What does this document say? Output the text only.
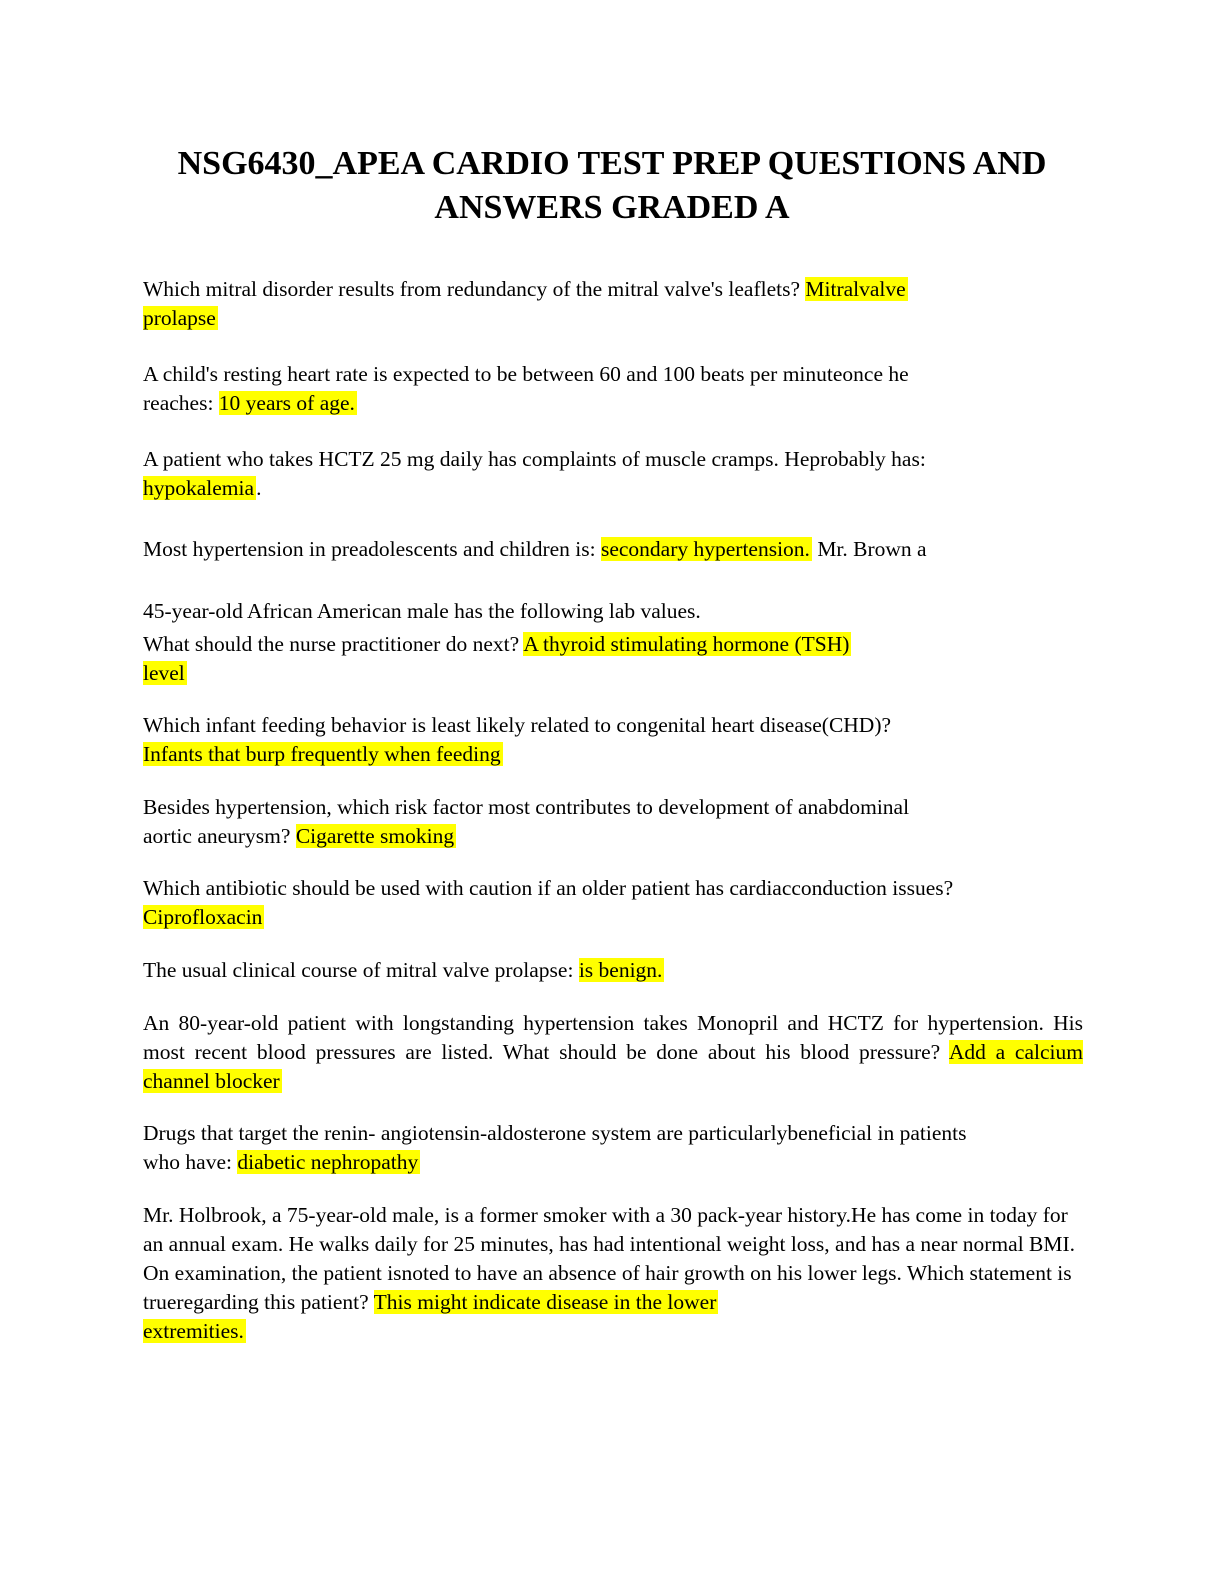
NSG6430_APEA CARDIO TEST PREP QUESTIONS AND
ANSWERS GRADED A

Which mitral disorder results from redundancy of the mitral valve's leaflets? Mitralvalve
prolapse

A child's resting heart rate is expected to be between 60 and 100 beats per minuteonce he
reaches: 10 years of age.

A patient who takes HCTZ 25 mg daily has complaints of muscle cramps. Heprobably has:
hypokalemia.

Most hypertension in preadolescents and children is: secondary hypertension. Mr. Brown a

45-year-old African American male has the following lab values.

What should the nurse practitioner do next? A thyroid stimulating hormone (TSH)
level

Which infant feeding behavior is least likely related to congenital heart disease(CHD)?
Infants that burp frequently when feeding

Besides hypertension, which risk factor most contributes to development of anabdominal
aortic aneurysm? Cigarette smoking

Which antibiotic should be used with caution if an older patient has cardiacconduction issues?
Ciprofloxacin

The usual clinical course of mitral valve prolapse: is benign.

An 80-year-old patient with longstanding hypertension takes Monopril and HCTZ for hypertension. His most recent blood pressures are listed. What should be done about his blood pressure? Add a calcium channel blocker

Drugs that target the renin- angiotensin-aldosterone system are particularlybeneficial in patients
who have: diabetic nephropathy

Mr. Holbrook, a 75-year-old male, is a former smoker with a 30 pack-year history.He has come in today for an annual exam. He walks daily for 25 minutes, has had intentional weight loss, and has a near normal BMI. On examination, the patient isnoted to have an absence of hair growth on his lower legs. Which statement is trueregarding this patient? This might indicate disease in the lower
extremities.
